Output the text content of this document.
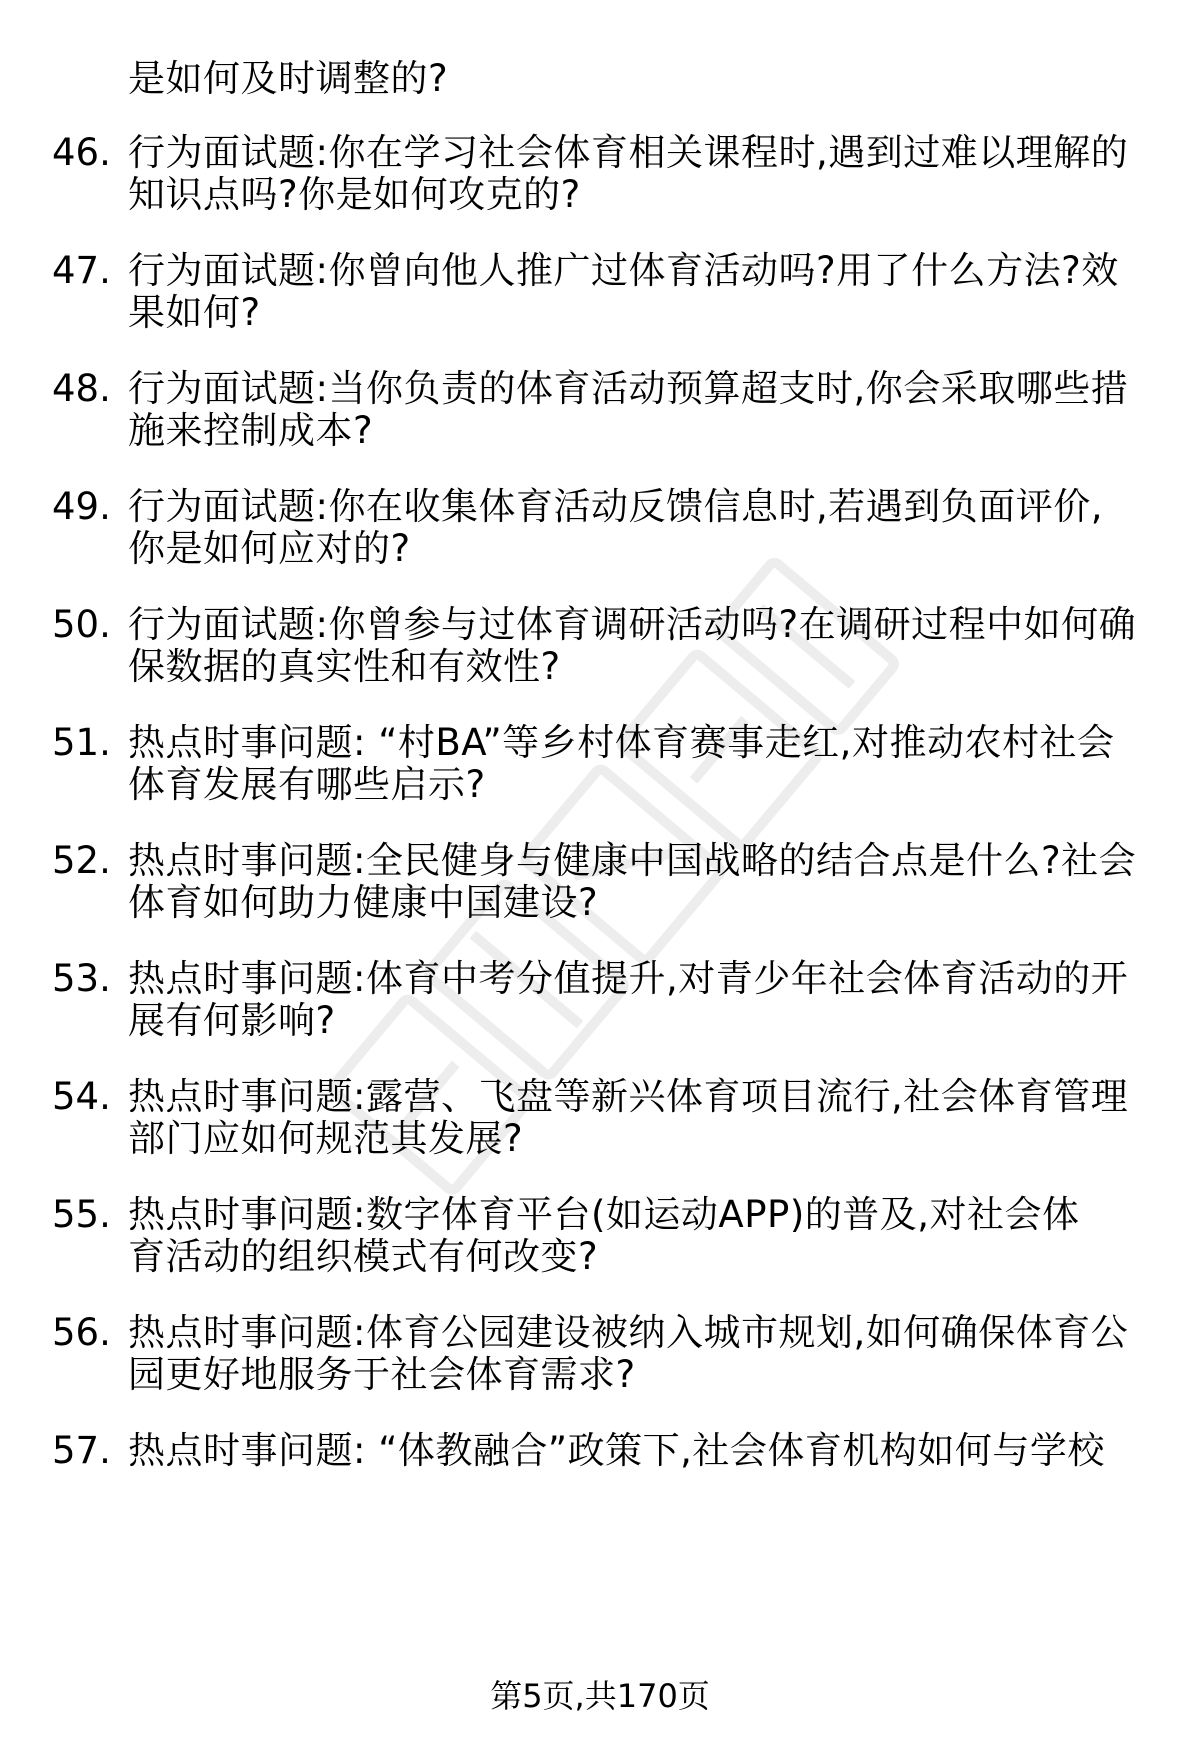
是如何及时调整的?
46. 行为面试题:你在学习社会体育相关课程时,遇到过难以理解的
知识点吗?你是如何攻克的?
47. 行为面试题:你曾向他人推广过体育活动吗?用了什么方法?效
果如何?
48. 行为面试题:当你负责的体育活动预算超支时,你会采取哪些措
施来控制成本?
49. 行为面试题:你在收集体育活动反馈信息时,若遇到负面评价,
你是如何应对的?
50. 行为面试题:你曾参与过体育调研活动吗?在调研过程中如何确
保数据的真实性和有效性?
51. 热点时事问题: “村BA”等乡村体育赛事走红,对推动农村社会
体育发展有哪些启示?
52. 热点时事问题:全民健身与健康中国战略的结合点是什么?社会
体育如何助力健康中国建设?
53. 热点时事问题:体育中考分值提升,对青少年社会体育活动的开
展有何影响?
54. 热点时事问题:露营、飞盘等新兴体育项目流行,社会体育管理
部门应如何规范其发展?
55. 热点时事问题:数字体育平台(如运动APP)的普及,对社会体
育活动的组织模式有何改变?
56. 热点时事问题:体育公园建设被纳入城市规划,如何确保体育公
园更好地服务于社会体育需求?
57. 热点时事问题: “体教融合”政策下,社会体育机构如何与学校
第5页,共170页
